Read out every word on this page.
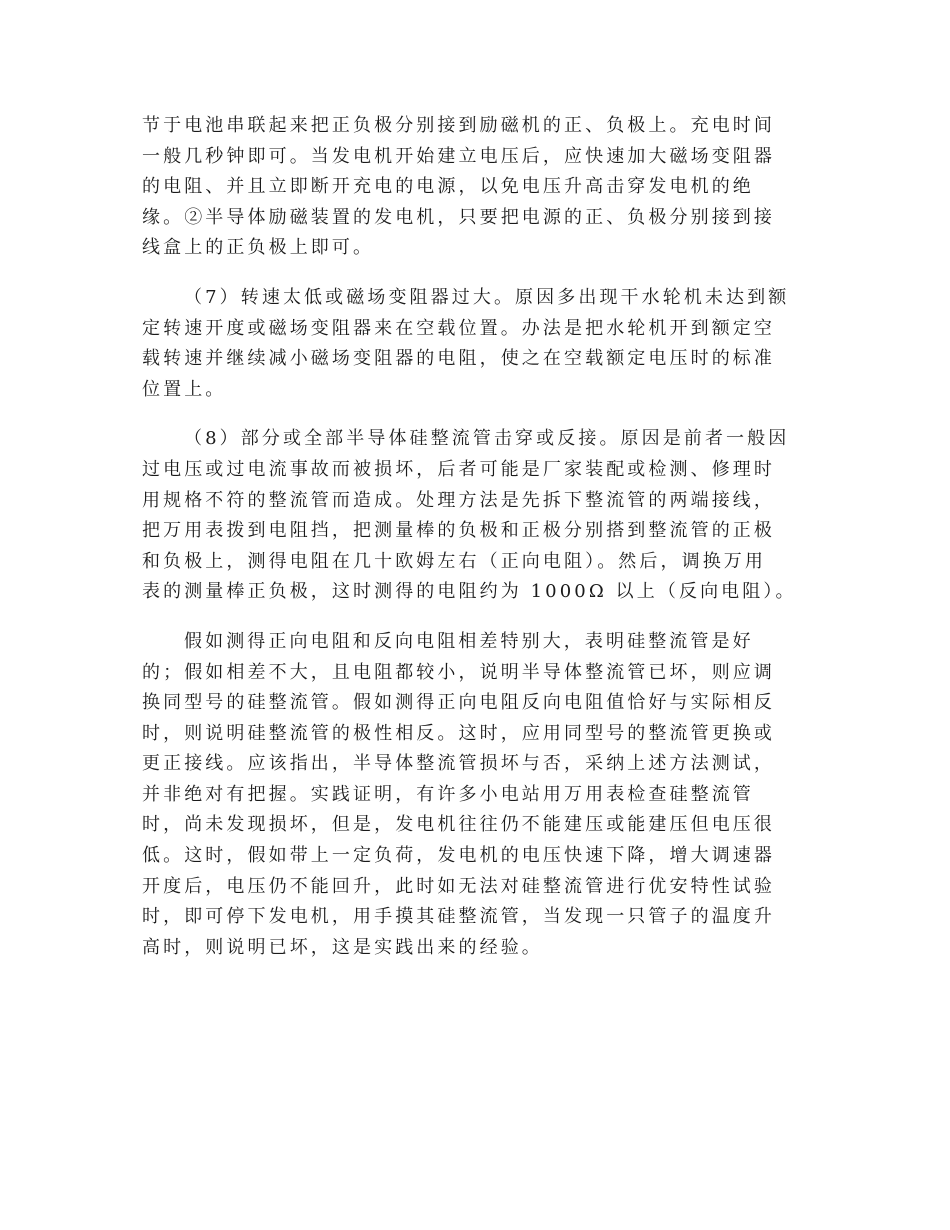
节于电池串联起来把正负极分别接到励磁机的正、负极上。充电时间
一般几秒钟即可。当发电机开始建立电压后，应快速加大磁场变阻器
的电阻、并且立即断开充电的电源，以免电压升高击穿发电机的绝
缘。②半导体励磁装置的发电机，只要把电源的正、负极分别接到接
线盒上的正负极上即可。
（7）转速太低或磁场变阻器过大。原因多出现干水轮机未达到额
定转速开度或磁场变阻器来在空载位置。办法是把水轮机开到额定空
载转速并继续减小磁场变阻器的电阻，使之在空载额定电压时的标准
位置上。
（8）部分或全部半导体硅整流管击穿或反接。原因是前者一般因
过电压或过电流事故而被损坏，后者可能是厂家装配或检测、修理时
用规格不符的整流管而造成。处理方法是先拆下整流管的两端接线，
把万用表拨到电阻挡，把测量棒的负极和正极分别搭到整流管的正极
和负极上，测得电阻在几十欧姆左右（正向电阻）。然后，调换万用
表的测量棒正负极，这时测得的电阻约为 1000Ω 以上（反向电阻）。
假如测得正向电阻和反向电阻相差特别大，表明硅整流管是好
的；假如相差不大，且电阻都较小，说明半导体整流管已坏，则应调
换同型号的硅整流管。假如测得正向电阻反向电阻值恰好与实际相反
时，则说明硅整流管的极性相反。这时，应用同型号的整流管更换或
更正接线。应该指出，半导体整流管损坏与否，采纳上述方法测试，
并非绝对有把握。实践证明，有许多小电站用万用表检查硅整流管
时，尚未发现损坏，但是，发电机往往仍不能建压或能建压但电压很
低。这时，假如带上一定负荷，发电机的电压快速下降，增大调速器
开度后，电压仍不能回升，此时如无法对硅整流管进行优安特性试验
时，即可停下发电机，用手摸其硅整流管，当发现一只管子的温度升
高时，则说明已坏，这是实践出来的经验。
